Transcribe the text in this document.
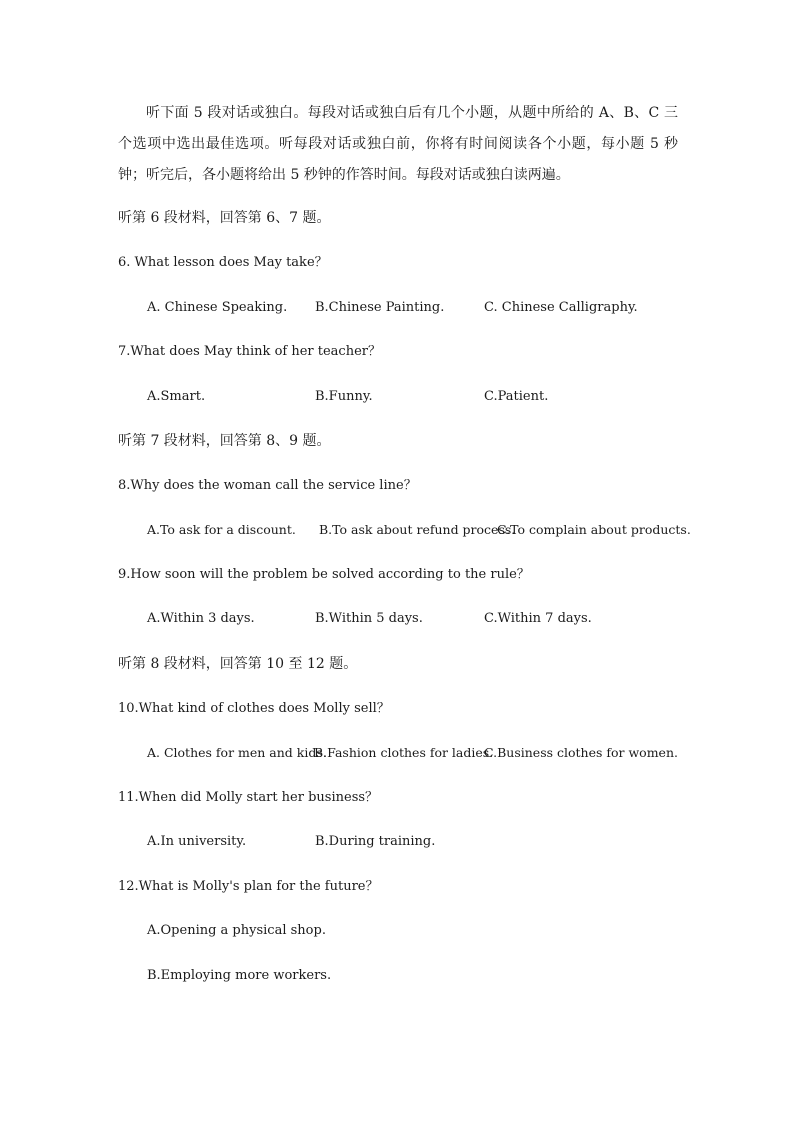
听下面 5 段对话或独白。每段对话或独白后有几个小题，从题中所给的 A、B、C 三个选项中选出最佳选项。听每段对话或独白前，你将有时间阅读各个小题，每小题 5 秒钟；听完后，各小题将给出 5 秒钟的作答时间。每段对话或独白读两遍。

听第 6 段材料，回答第 6、7 题。

6. What lesson does May take？

A. Chinese Speaking. B.Chinese Painting.	C. Chinese Calligraphy.

7.What does May think of her teacher？

A.Smart.	B.Funny.	C.Patient.

听第 7 段材料，回答第 8、9 题。

8.Why does the woman call the service line？

A.To ask for a discount. B.To ask about refund process.
C.To complain about products.

9.How soon will the problem be solved according to the rule？

A.Within 3 days.	B.Within 5 days.	C.Within 7 days.

听第 8 段材料，回答第 10 至 12 题。

10.What kind of clothes does Molly sell？

A. Clothes for men and kids.
B.Fashion clothes for ladies.
C.Business clothes for women.

11.When did Molly start her business？

A.In university.	B.During training.

12.What is Molly's plan for the future？

A.Opening a physical shop.
B.Employing more workers.
